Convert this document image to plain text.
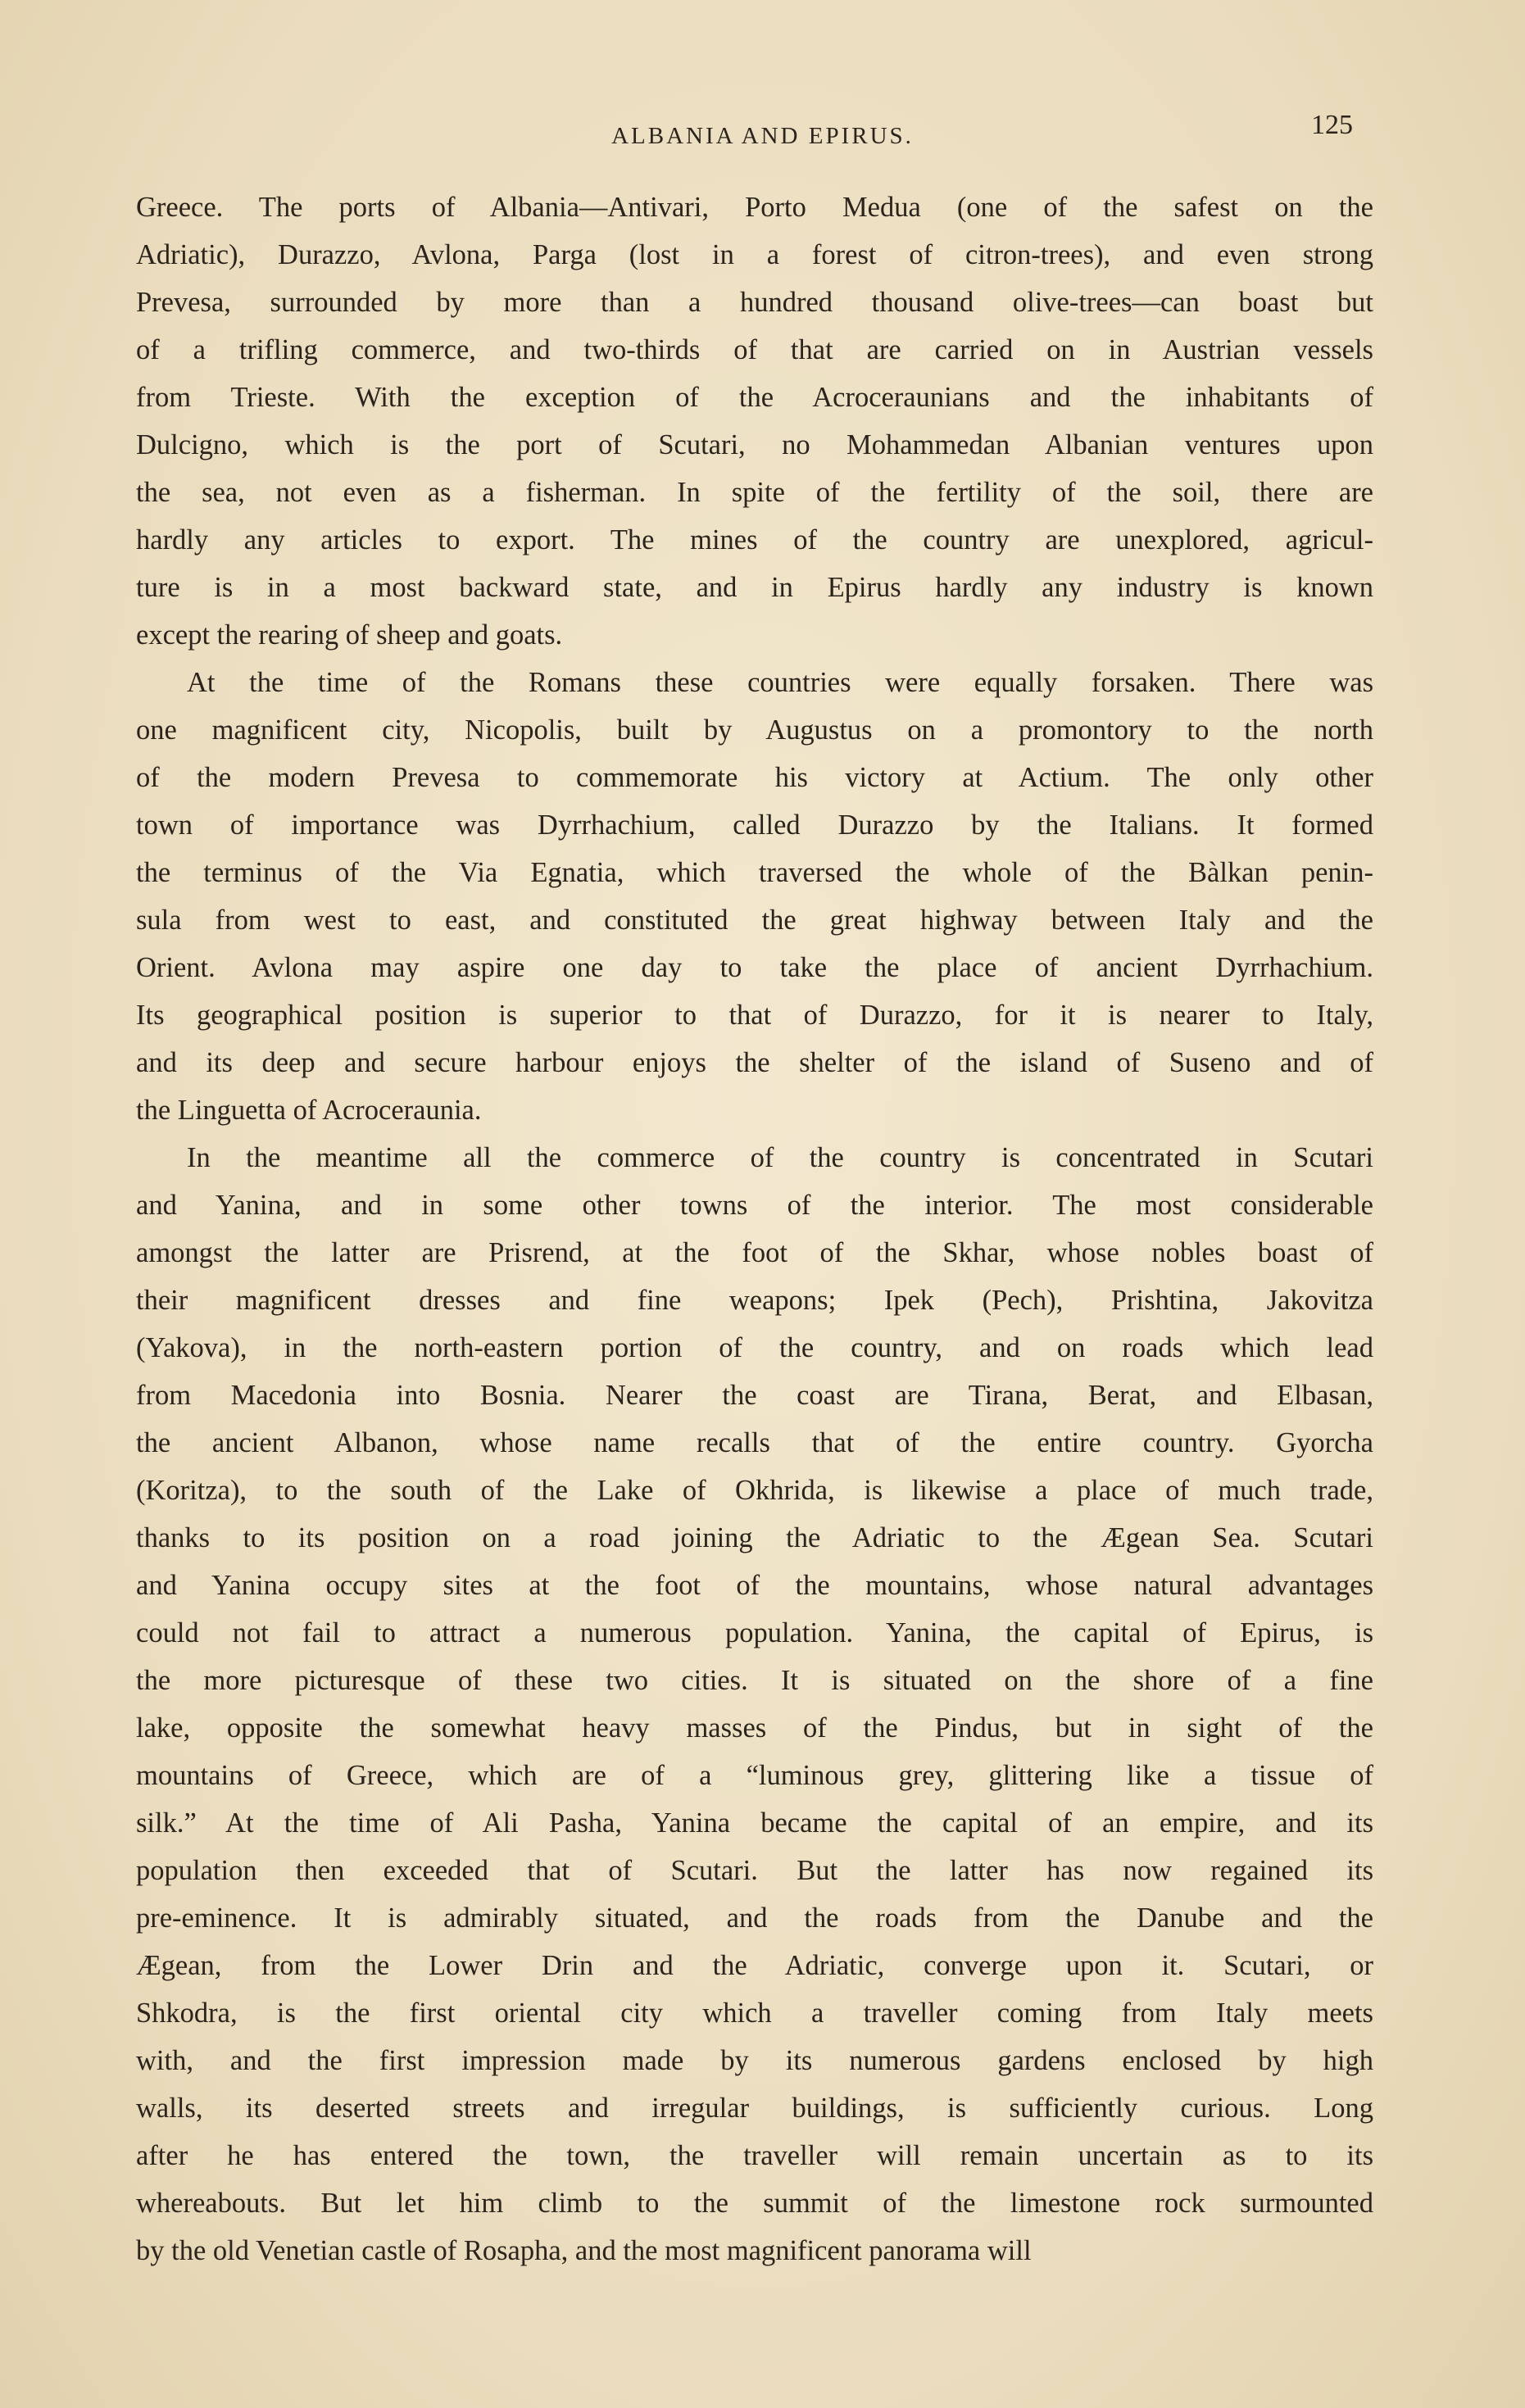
ALBANIA AND EPIRUS.	125
Greece. The ports of Albania—Antivari, Porto Medua (one of the safest on the
Adriatic), Durazzo, Avlona, Parga (lost in a forest of citron-trees), and even strong
Prevesa, surrounded by more than a hundred thousand olive-trees—can boast but
of a trifling commerce, and two-thirds of that are carried on in Austrian vessels
from Trieste. With the exception of the Acroceraunians and the inhabitants of
Dulcigno, which is the port of Scutari, no Mohammedan Albanian ventures upon
the sea, not even as a fisherman. In spite of the fertility of the soil, there are
hardly any articles to export. The mines of the country are unexplored, agricul-
ture is in a most backward state, and in Epirus hardly any industry is known
except the rearing of sheep and goats.
At the time of the Romans these countries were equally forsaken. There was
one magnificent city, Nicopolis, built by Augustus on a promontory to the north
of the modern Prevesa to commemorate his victory at Actium. The only other
town of importance was Dyrrhachium, called Durazzo by the Italians. It formed
the terminus of the Via Egnatia, which traversed the whole of the Bàlkan penin-
sula from west to east, and constituted the great highway between Italy and the
Orient. Avlona may aspire one day to take the place of ancient Dyrrhachium.
Its geographical position is superior to that of Durazzo, for it is nearer to Italy,
and its deep and secure harbour enjoys the shelter of the island of Suseno and of
the Linguetta of Acroceraunia.
In the meantime all the commerce of the country is concentrated in Scutari
and Yanina, and in some other towns of the interior. The most considerable
amongst the latter are Prisrend, at the foot of the Skhar, whose nobles boast of
their magnificent dresses and fine weapons; Ipek (Pech), Prishtina, Jakovitza
(Yakova), in the north-eastern portion of the country, and on roads which lead
from Macedonia into Bosnia. Nearer the coast are Tirana, Berat, and Elbasan,
the ancient Albanon, whose name recalls that of the entire country. Gyorcha
(Koritza), to the south of the Lake of Okhrida, is likewise a place of much trade,
thanks to its position on a road joining the Adriatic to the Ægean Sea. Scutari
and Yanina occupy sites at the foot of the mountains, whose natural advantages
could not fail to attract a numerous population. Yanina, the capital of Epirus, is
the more picturesque of these two cities. It is situated on the shore of a fine
lake, opposite the somewhat heavy masses of the Pindus, but in sight of the
mountains of Greece, which are of a “luminous grey, glittering like a tissue of
silk.” At the time of Ali Pasha, Yanina became the capital of an empire, and its
population then exceeded that of Scutari. But the latter has now regained its
pre-eminence. It is admirably situated, and the roads from the Danube and the
Ægean, from the Lower Drin and the Adriatic, converge upon it. Scutari, or
Shkodra, is the first oriental city which a traveller coming from Italy meets
with, and the first impression made by its numerous gardens enclosed by high
walls, its deserted streets and irregular buildings, is sufficiently curious. Long
after he has entered the town, the traveller will remain uncertain as to its
whereabouts. But let him climb to the summit of the limestone rock surmounted
by the old Venetian castle of Rosapha, and the most magnificent panorama will
